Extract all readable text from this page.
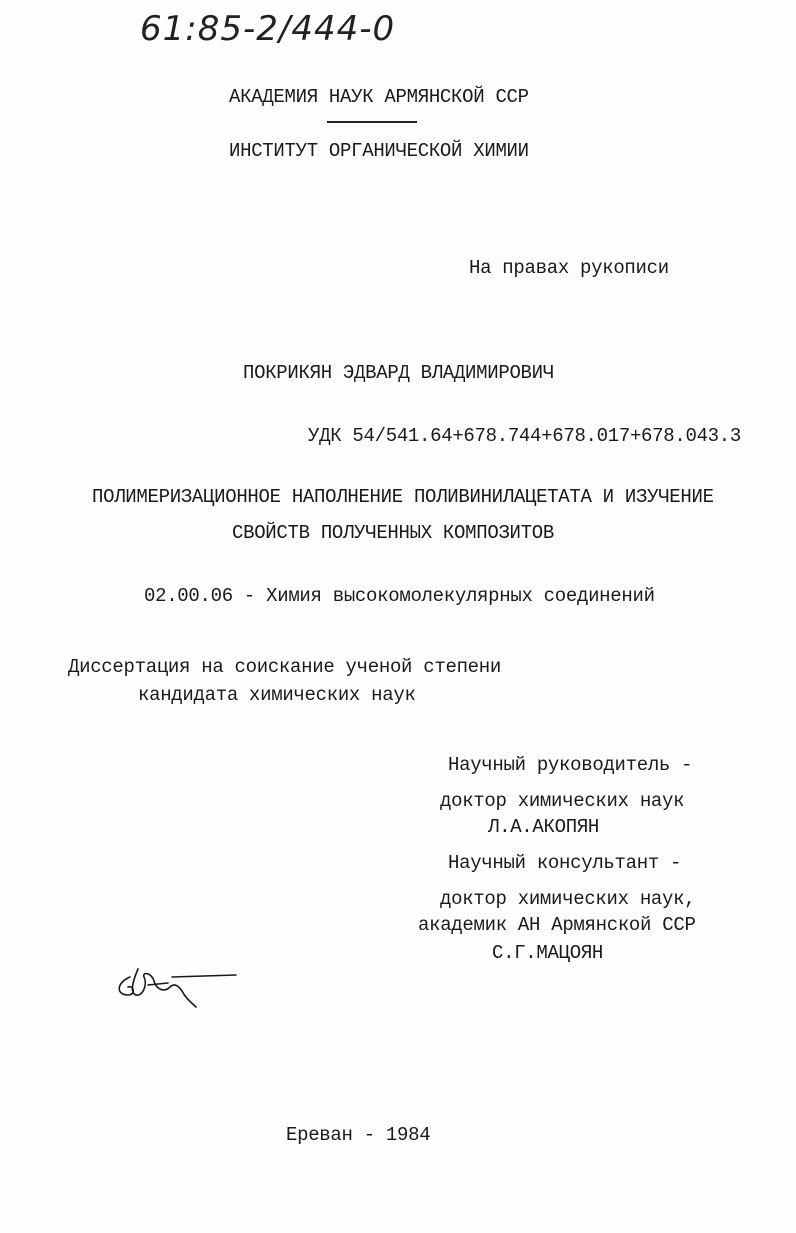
61:85-2/444-0
АКАДЕМИЯ НАУК АРМЯНСКОЙ ССР
ИНСТИТУТ ОРГАНИЧЕСКОЙ ХИМИИ
На правах рукописи
ПОКРИКЯН ЭДВАРД ВЛАДИМИРОВИЧ
УДК 54/541.64+678.744+678.017+678.043.3
ПОЛИМЕРИЗАЦИОННОЕ НАПОЛНЕНИЕ ПОЛИВИНИЛАЦЕТАТА И ИЗУЧЕНИЕ
СВОЙСТВ ПОЛУЧЕННЫХ КОМПОЗИТОВ
02.00.06 - Химия высокомолекулярных соединений
Диссертация на соискание ученой степени
кандидата химических наук
Научный руководитель -
доктор химических наук
Л.А.АКОПЯН
Научный консультант -
доктор химических наук,
академик АН Армянской ССР
С.Г.МАЦОЯН
Ереван - 1984
